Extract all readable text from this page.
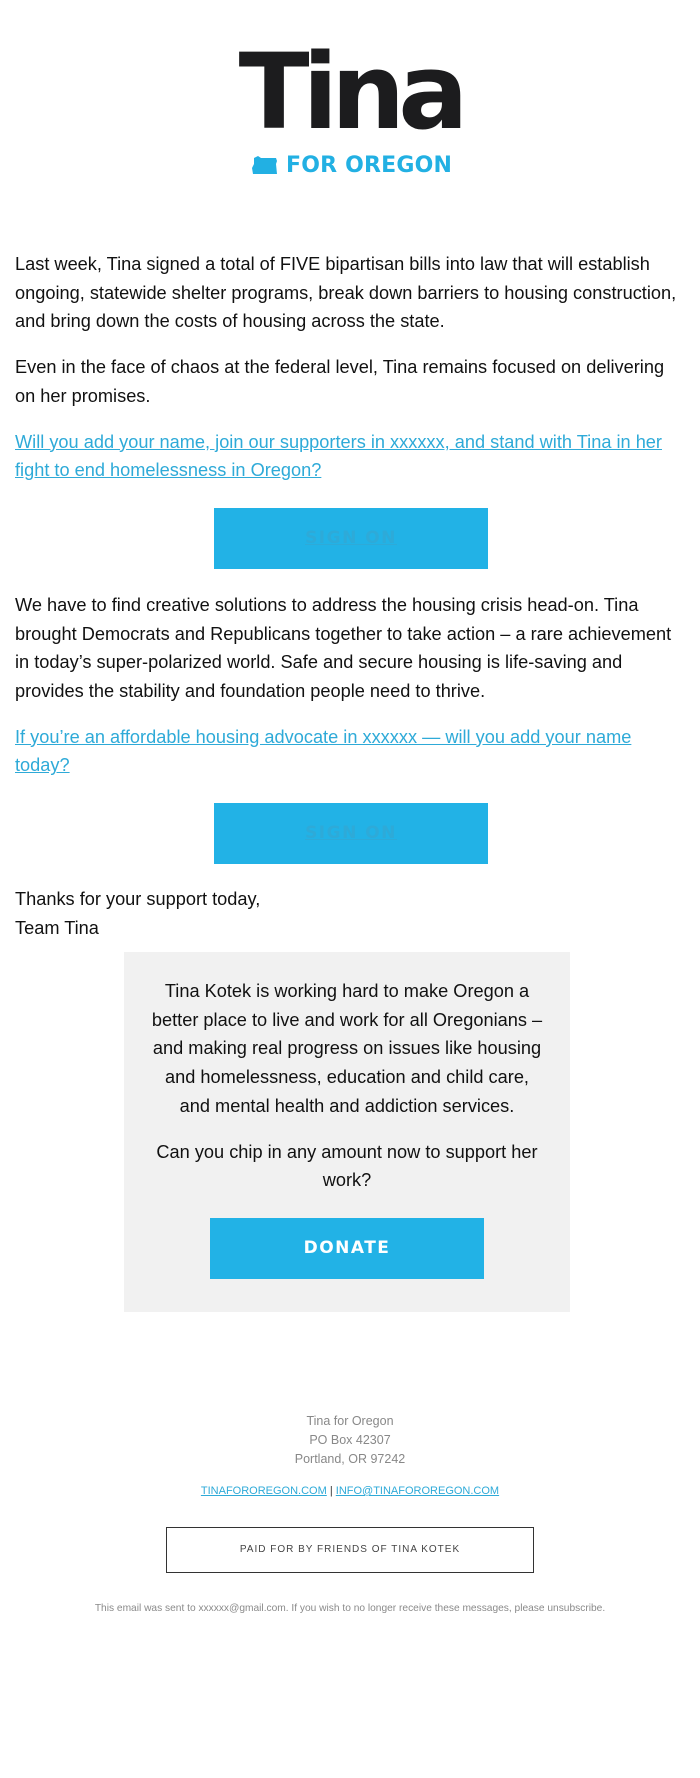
Tina
FOR OREGON

Last week, Tina signed a total of FIVE bipartisan bills into law that will establish ongoing, statewide shelter programs, break down barriers to housing construction, and bring down the costs of housing across the state.

Even in the face of chaos at the federal level, Tina remains focused on delivering on her promises.

Will you add your name, join our supporters in xxxxxx, and stand with Tina in her fight to end homelessness in Oregon?

SIGN ON

We have to find creative solutions to address the housing crisis head-on. Tina brought Democrats and Republicans together to take action – a rare achievement in today’s super-polarized world. Safe and secure housing is life-saving and provides the stability and foundation people need to thrive.

If you’re an affordable housing advocate in xxxxxx — will you add your name today?

SIGN ON

Thanks for your support today,
Team Tina

Tina Kotek is working hard to make Oregon a better place to live and work for all Oregonians – and making real progress on issues like housing and homelessness, education and child care, and mental health and addiction services.

Can you chip in any amount now to support her work?

DONATE
Tina for Oregon
PO Box 42307
Portland, OR 97242
TINAFOROREGON.COM | INFO@TINAFOROREGON.COM
PAID FOR BY FRIENDS OF TINA KOTEK
This email was sent to xxxxxx@gmail.com. If you wish to no longer receive these messages, please unsubscribe.
